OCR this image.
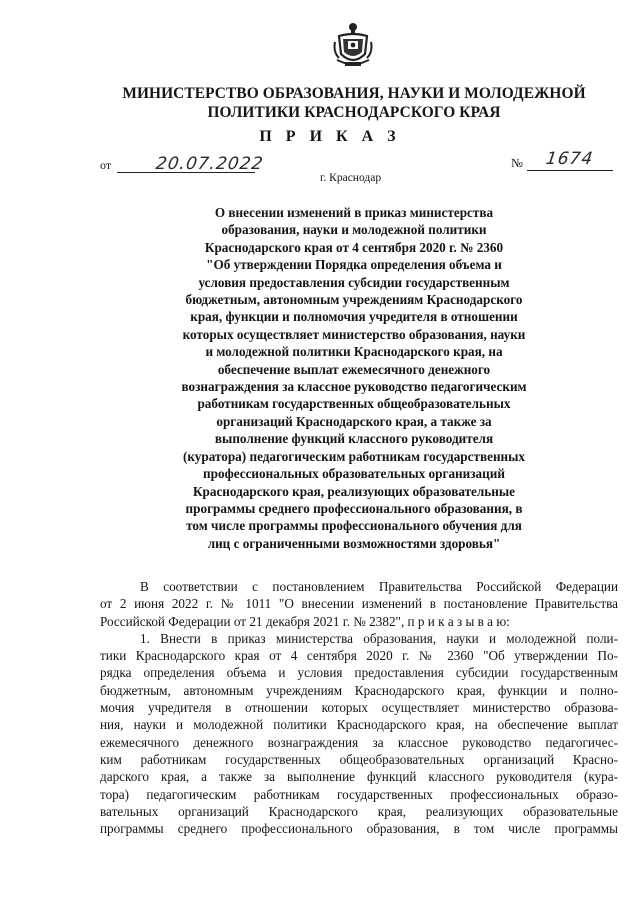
МИНИСТЕРСТВО ОБРАЗОВАНИЯ, НАУКИ И МОЛОДЕЖНОЙ
ПОЛИТИКИ КРАСНОДАРСКОГО КРАЯ
П Р И К А З
от	20.07.2022	№ 1674
г. Краснодар
О внесении изменений в приказ министерства
образования, науки и молодежной политики
Краснодарского края от 4 сентября 2020 г. № 2360
"Об утверждении Порядка определения объема и
условия предоставления субсидии государственным
бюджетным, автономным учреждениям Краснодарского
края, функции и полномочия учредителя в отношении
которых осуществляет министерство образования, науки
и молодежной политики Краснодарского края, на
обеспечение выплат ежемесячного денежного
вознаграждения за классное руководство педагогическим
работникам государственных общеобразовательных
организаций Краснодарского края, а также за
выполнение функций классного руководителя
(куратора) педагогическим работникам государственных
профессиональных образовательных организаций
Краснодарского края, реализующих образовательные
программы среднего профессионального образования, в
том числе программы профессионального обучения для
лиц с ограниченными возможностями здоровья"
В соответствии с постановлением Правительства Российской Федерации
от 2 июня 2022 г. № 1011 "О внесении изменений в постановление Правительства
Российской Федерации от 21 декабря 2021 г. № 2382", п р и к а з ы в а ю:
1. Внести в приказ министерства образования, науки и молодежной поли-
тики Краснодарского края от 4 сентября 2020 г. № 2360 "Об утверждении По-
рядка определения объема и условия предоставления субсидии государственным
бюджетным, автономным учреждениям Краснодарского края, функции и полно-
мочия учредителя в отношении которых осуществляет министерство образова-
ния, науки и молодежной политики Краснодарского края, на обеспечение выплат
ежемесячного денежного вознаграждения за классное руководство педагогичес-
ким работникам государственных общеобразовательных организаций Красно-
дарского края, а также за выполнение функций классного руководителя (кура-
тора) педагогическим работникам государственных профессиональных образо-
вательных организаций Краснодарского края, реализующих образовательные
программы среднего профессионального образования, в том числе программы
